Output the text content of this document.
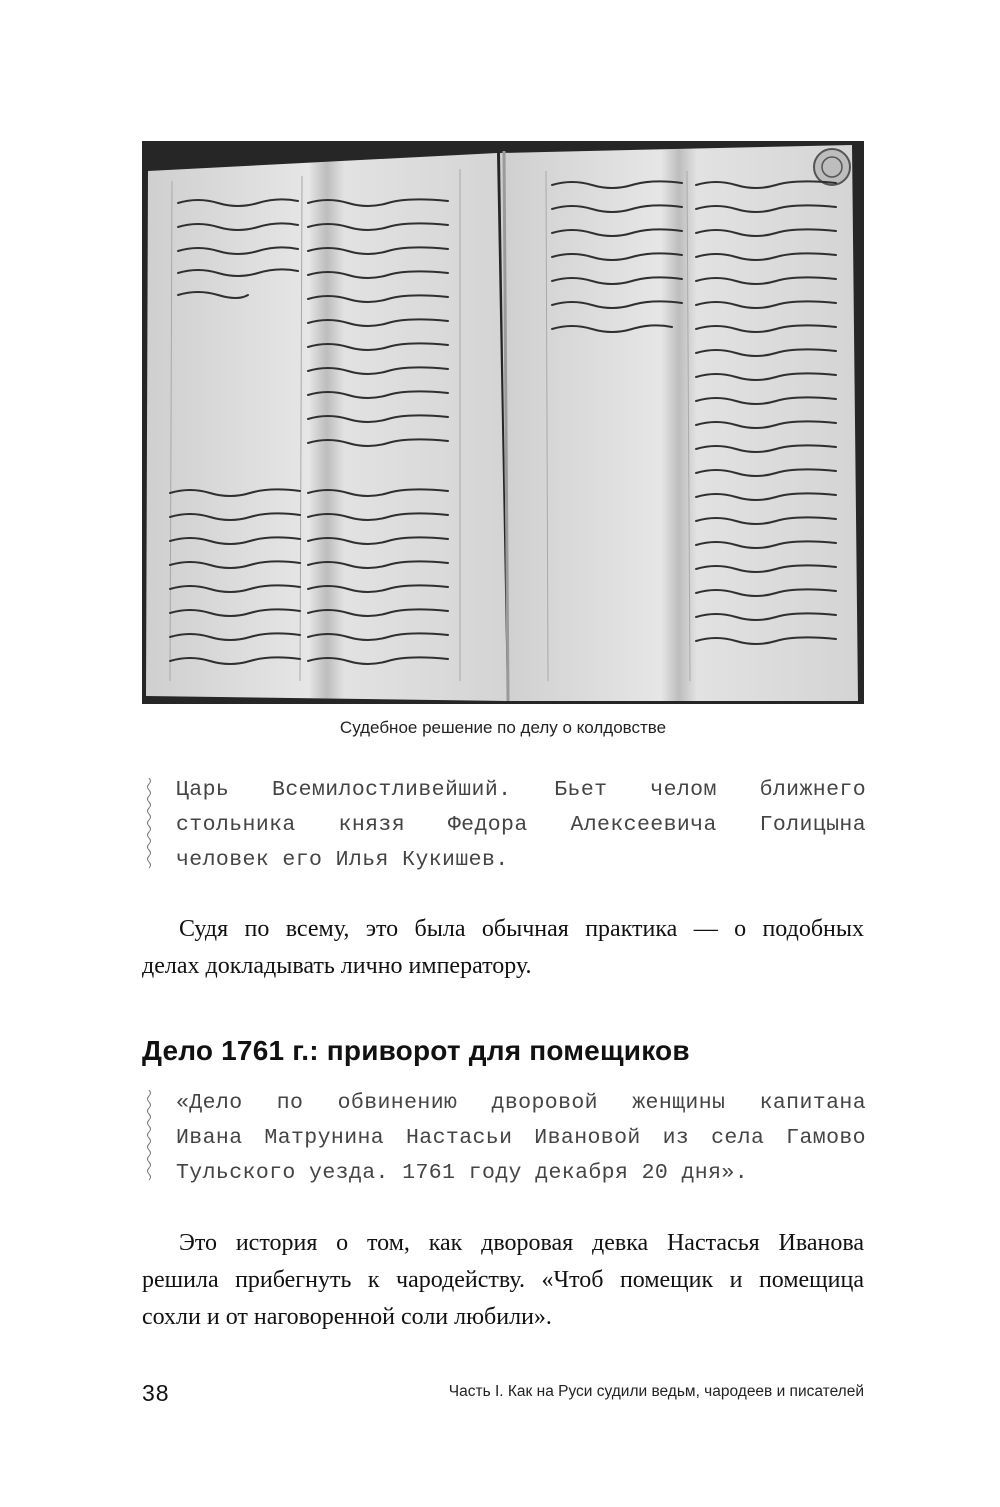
Судебное решение по делу о колдовстве
Царь Всемилостливейший. Бьет челом ближнего
стольника князя Федора Алексеевича Голицына
человек его Илья Кукишев.
Судя по всему, это была обычная практика — о подобных
делах докладывать лично императору.
Дело 1761 г.: приворот для помещиков
«Дело по обвинению дворовой женщины капитана
Ивана Матрунина Настасьи Ивановой из села Гамово
Тульского уезда. 1761 году декабря 20 дня».
Это история о том, как дворовая девка Настасья Иванова
решила прибегнуть к чародейству. «Чтоб помещик и помещица
сохли и от наговоренной соли любили».
38	Часть I. Как на Руси судили ведьм, чародеев и писателей
